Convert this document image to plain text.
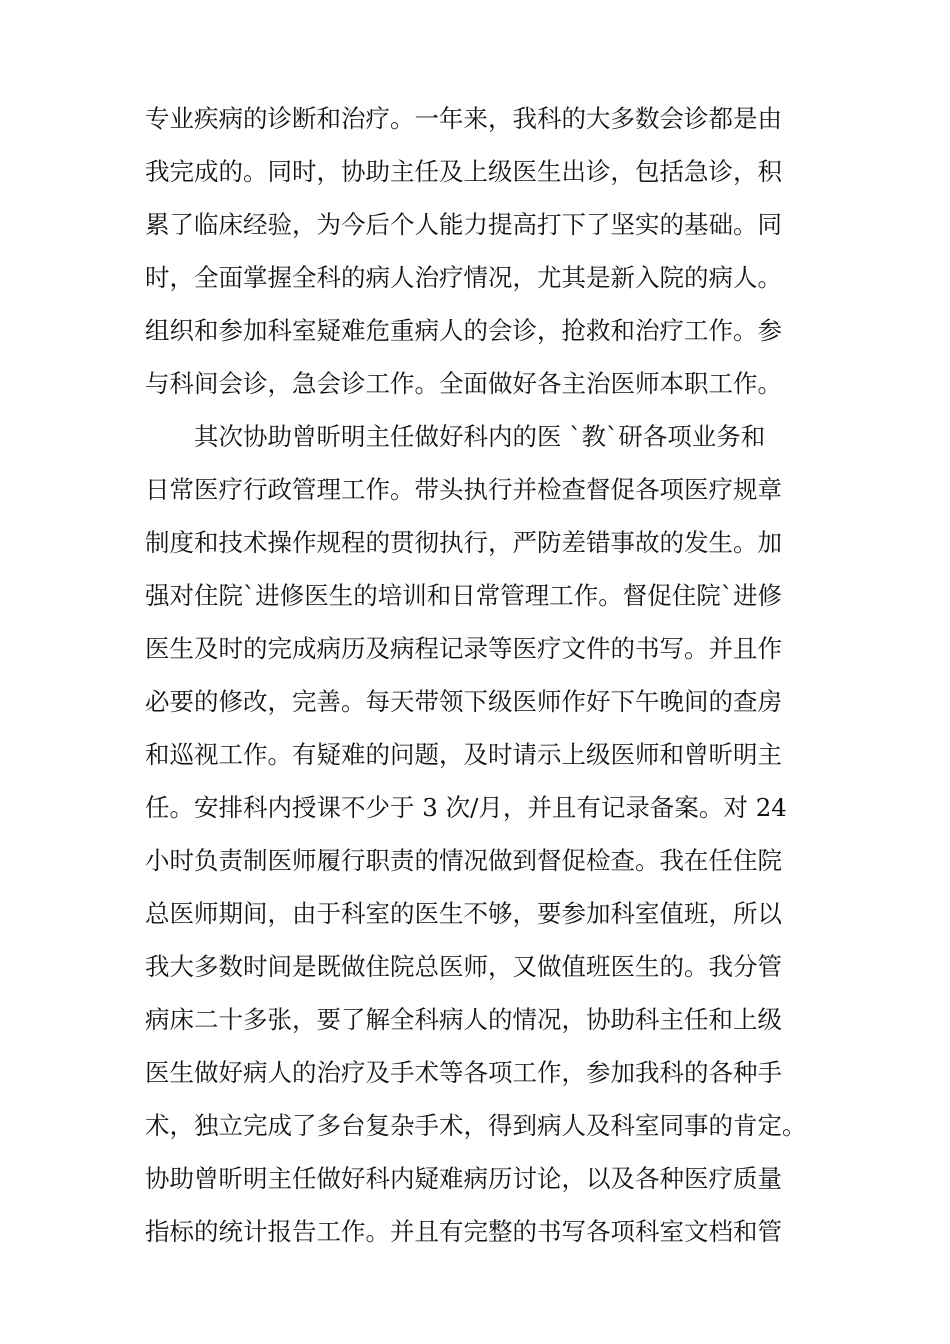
专业疾病的诊断和治疗。一年来，我科的大多数会诊都是由
我完成的。同时，协助主任及上级医生出诊，包括急诊，积
累了临床经验，为今后个人能力提高打下了坚实的基础。同
时，全面掌握全科的病人治疗情况，尤其是新入院的病人。
组织和参加科室疑难危重病人的会诊，抢救和治疗工作。参
与科间会诊，急会诊工作。全面做好各主治医师本职工作。
　　其次协助曾昕明主任做好科内的医 `教`研各项业务和
日常医疗行政管理工作。带头执行并检查督促各项医疗规章
制度和技术操作规程的贯彻执行，严防差错事故的发生。加
强对住院`进修医生的培训和日常管理工作。督促住院`进修
医生及时的完成病历及病程记录等医疗文件的书写。并且作
必要的修改，完善。每天带领下级医师作好下午晚间的查房
和巡视工作。有疑难的问题，及时请示上级医师和曾昕明主
任。安排科内授课不少于 3 次/月，并且有记录备案。对 24
小时负责制医师履行职责的情况做到督促检查。我在任住院
总医师期间，由于科室的医生不够，要参加科室值班，所以
我大多数时间是既做住院总医师，又做值班医生的。我分管
病床二十多张，要了解全科病人的情况，协助科主任和上级
医生做好病人的治疗及手术等各项工作，参加我科的各种手
术，独立完成了多台复杂手术，得到病人及科室同事的肯定。
协助曾昕明主任做好科内疑难病历讨论，以及各种医疗质量
指标的统计报告工作。并且有完整的书写各项科室文档和管
